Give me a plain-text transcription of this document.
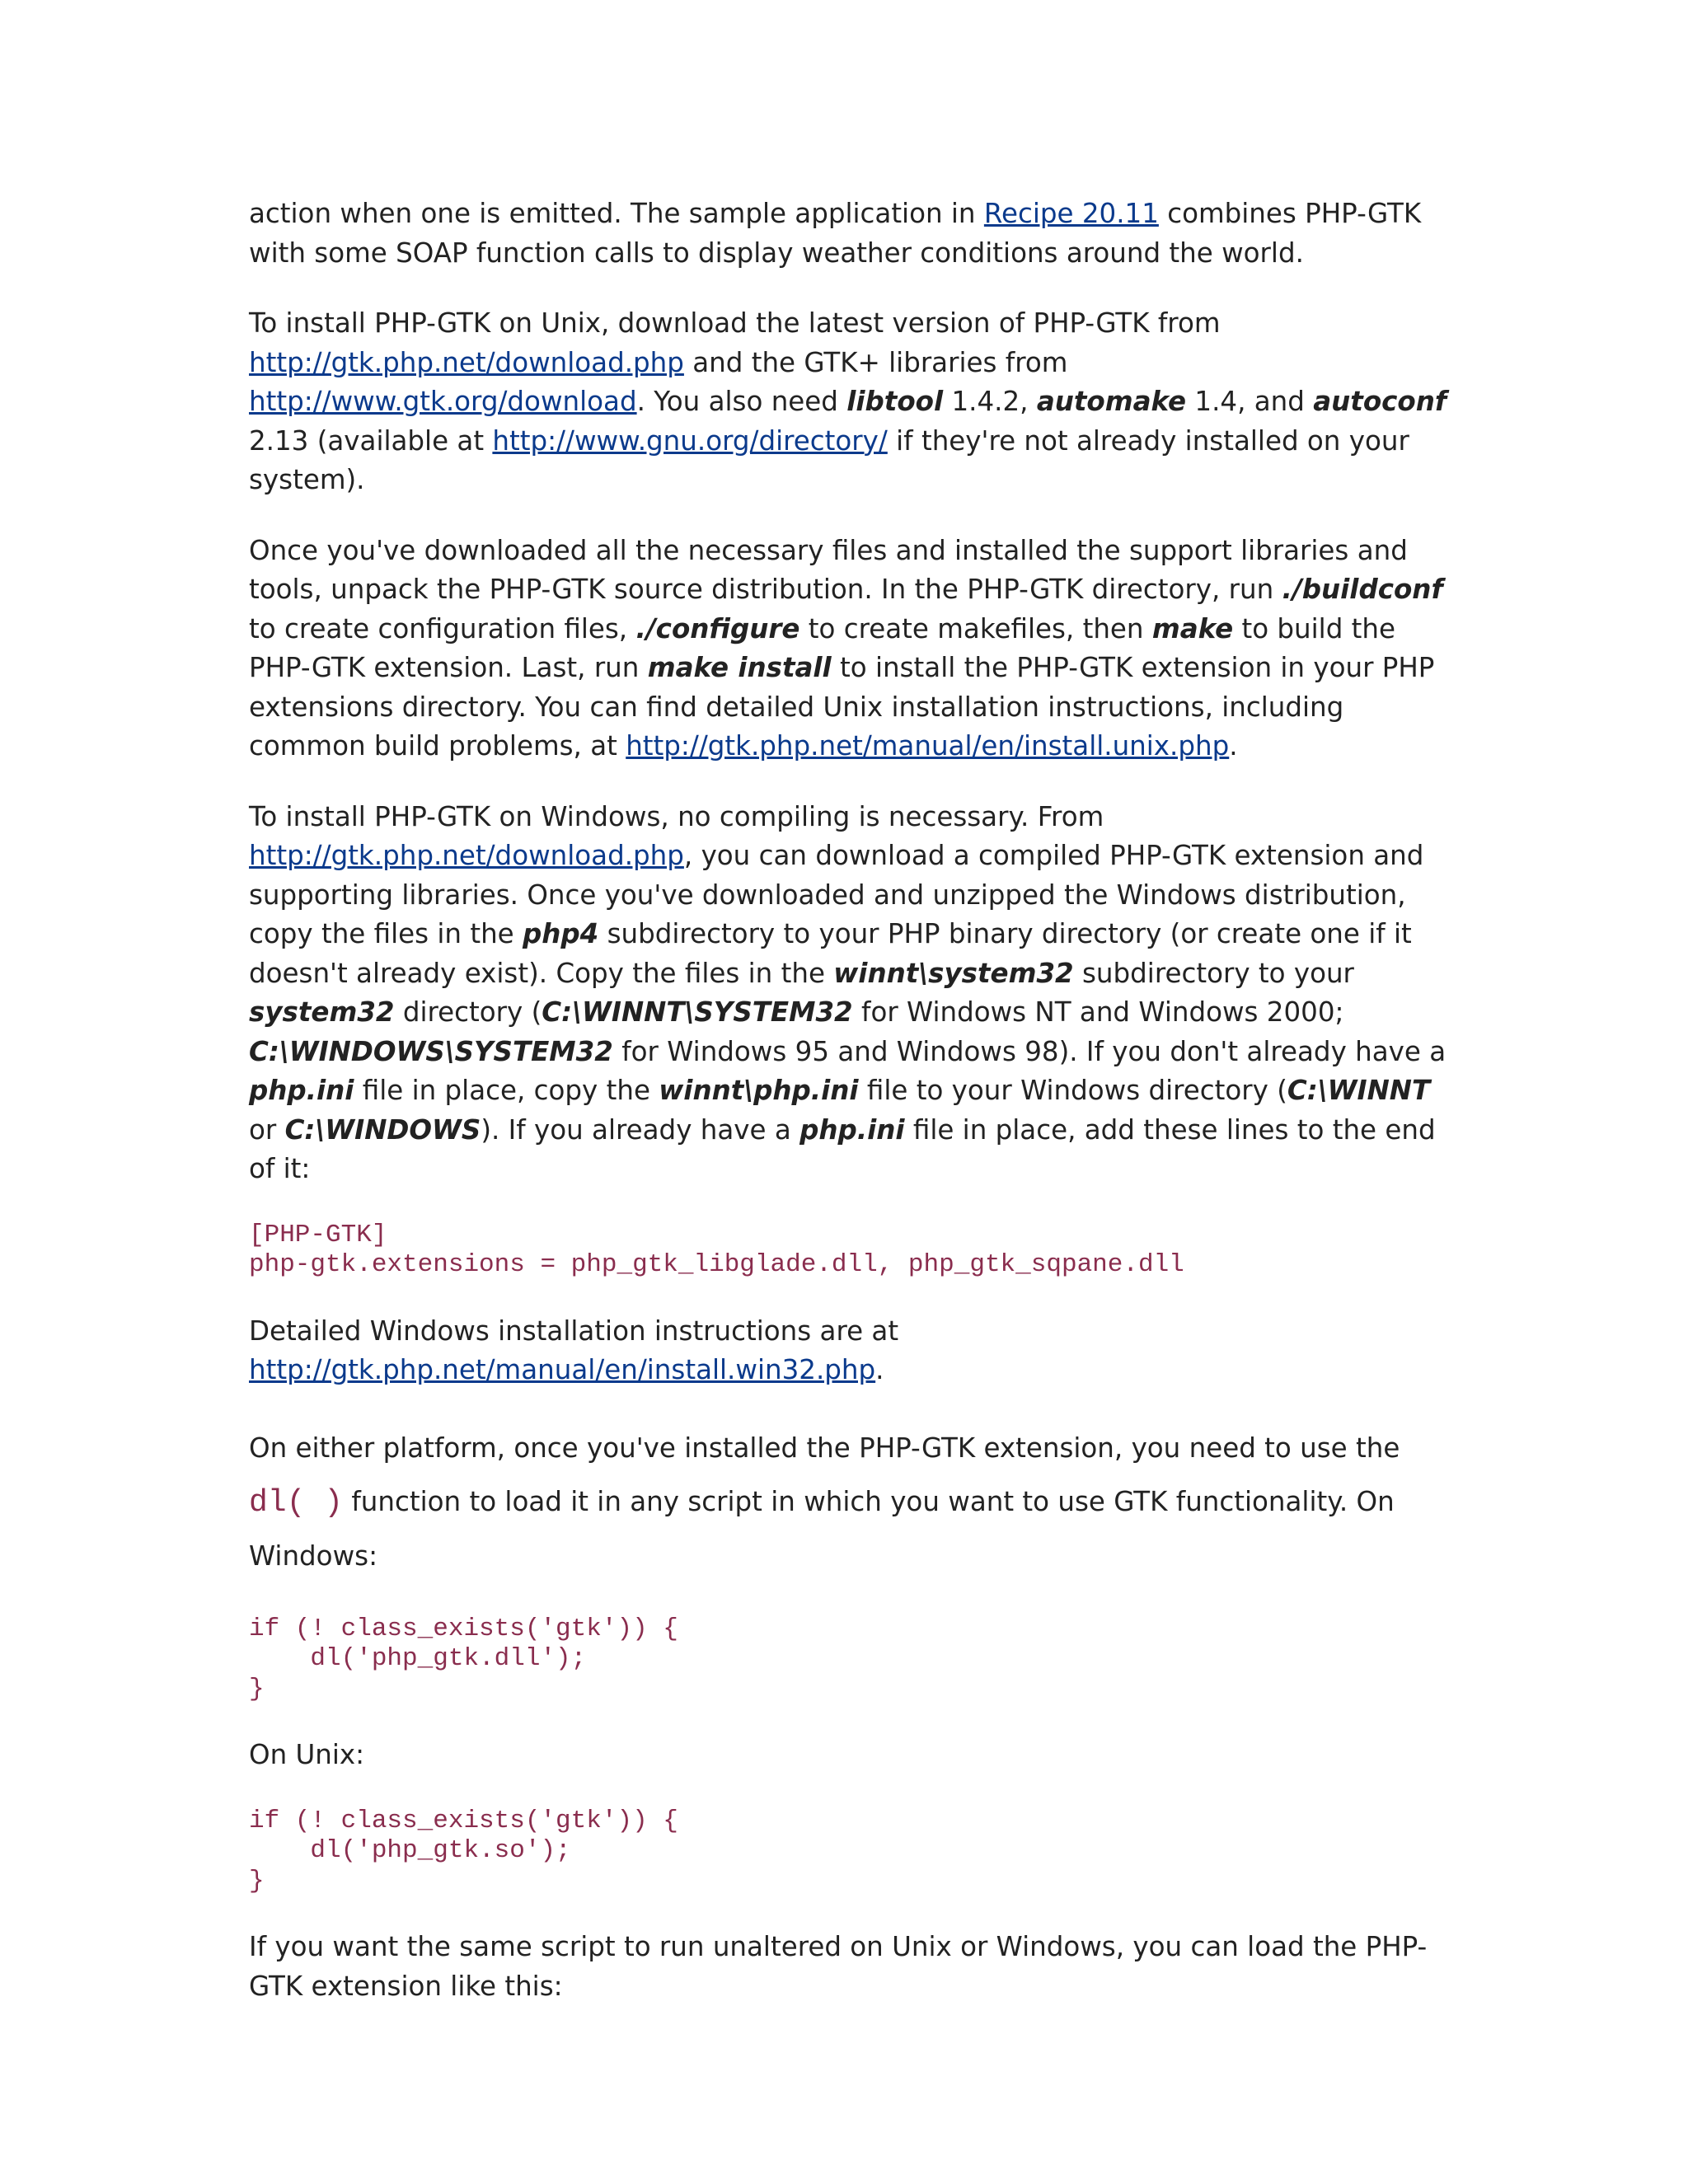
action when one is emitted. The sample application in Recipe 20.11 combines PHP-GTK with some SOAP function calls to display weather conditions around the world.

To install PHP-GTK on Unix, download the latest version of PHP-GTK from http://gtk.php.net/download.php and the GTK+ libraries from http://www.gtk.org/download. You also need libtool 1.4.2, automake 1.4, and autoconf 2.13 (available at http://www.gnu.org/directory/ if they're not already installed on your system).

Once you've downloaded all the necessary files and installed the support libraries and tools, unpack the PHP-GTK source distribution. In the PHP-GTK directory, run ./buildconf to create configuration files, ./configure to create makefiles, then make to build the PHP-GTK extension. Last, run make install to install the PHP-GTK extension in your PHP extensions directory. You can find detailed Unix installation instructions, including common build problems, at http://gtk.php.net/manual/en/install.unix.php.

To install PHP-GTK on Windows, no compiling is necessary. From http://gtk.php.net/download.php, you can download a compiled PHP-GTK extension and supporting libraries. Once you've downloaded and unzipped the Windows distribution, copy the files in the php4 subdirectory to your PHP binary directory (or create one if it doesn't already exist). Copy the files in the winnt\system32 subdirectory to your system32 directory (C:\WINNT\SYSTEM32 for Windows NT and Windows 2000; C:\WINDOWS\SYSTEM32 for Windows 95 and Windows 98). If you don't already have a php.ini file in place, copy the winnt\php.ini file to your Windows directory (C:\WINNT or C:\WINDOWS). If you already have a php.ini file in place, add these lines to the end of it:

[PHP-GTK]
php-gtk.extensions = php_gtk_libglade.dll, php_gtk_sqpane.dll

Detailed Windows installation instructions are at
http://gtk.php.net/manual/en/install.win32.php.

On either platform, once you've installed the PHP-GTK extension, you need to use the dl( ) function to load it in any script in which you want to use GTK functionality. On Windows:

if (! class_exists('gtk')) {
dl('php_gtk.dll');
}

On Unix:

if (! class_exists('gtk')) {
dl('php_gtk.so');
}

If you want the same script to run unaltered on Unix or Windows, you can load the PHP-GTK extension like this:
